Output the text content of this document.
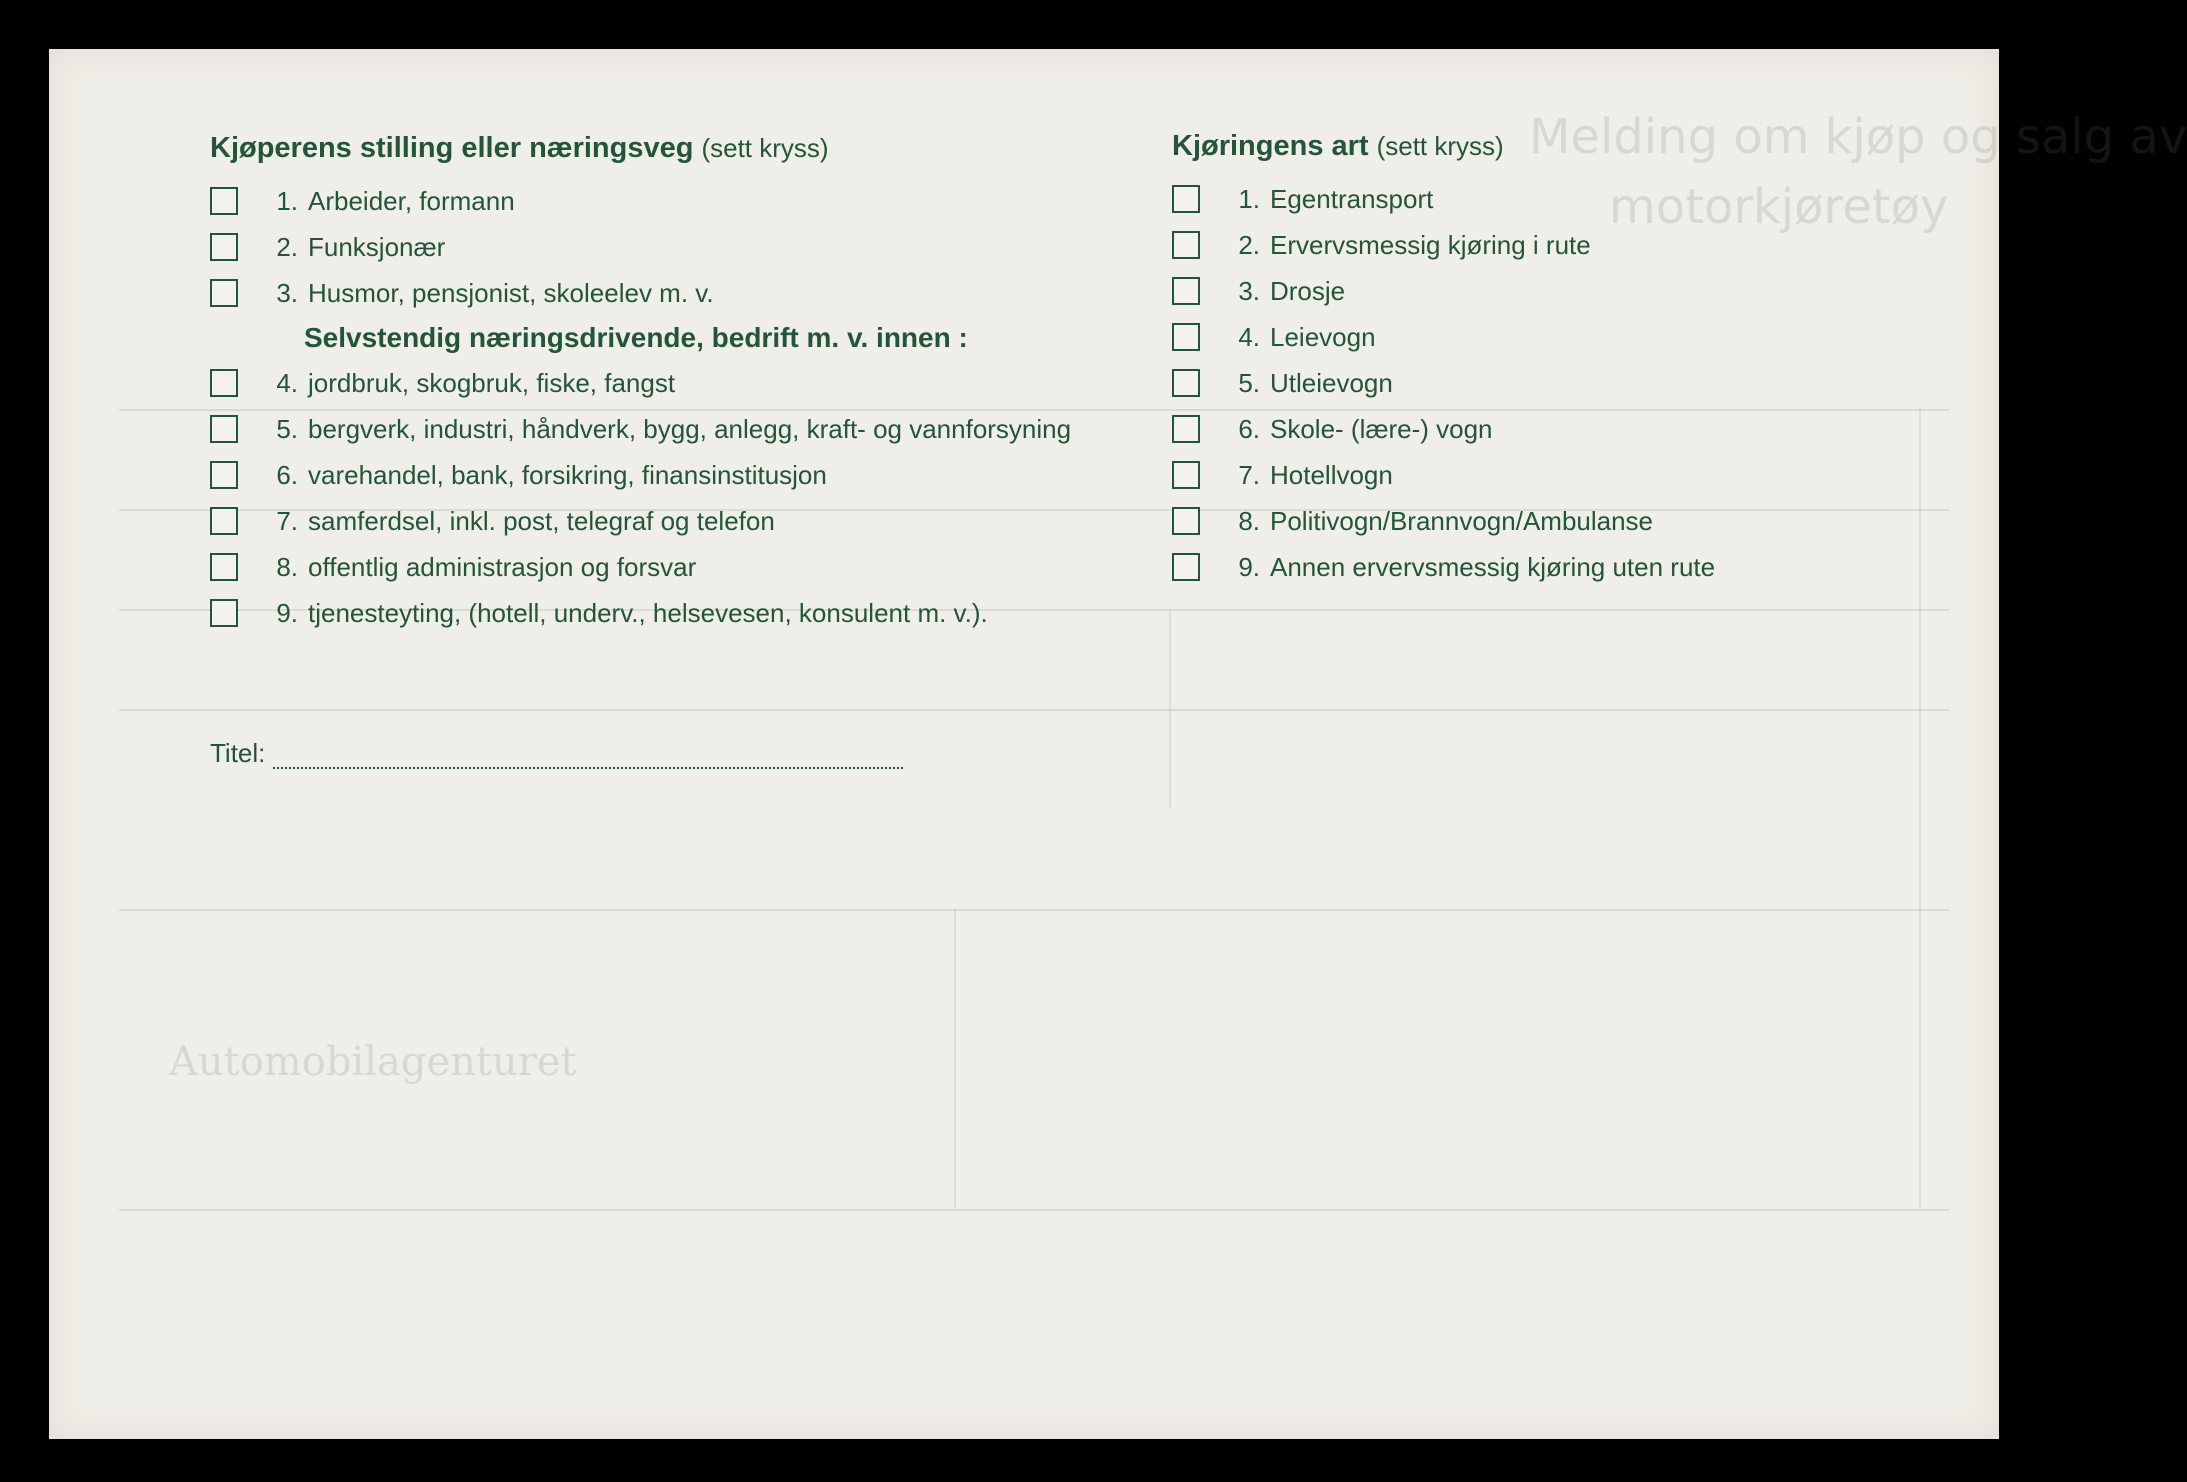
Melding om kjøp og salg av
motorkjøretøy
Automobilagenturet
Kjøperens stilling eller næringsveg (sett kryss)
1. Arbeider, formann
2. Funksjonær
3. Husmor, pensjonist, skoleelev m. v.
Selvstendig næringsdrivende, bedrift m. v. innen :
4. jordbruk, skogbruk, fiske, fangst
5. bergverk, industri, håndverk, bygg, anlegg, kraft- og vannforsyning
6. varehandel, bank, forsikring, finansinstitusjon
7. samferdsel, inkl. post, telegraf og telefon
8. offentlig administrasjon og forsvar
9. tjenesteyting, (hotell, underv., helsevesen, konsulent m. v.).
Kjøringens art (sett kryss)
1. Egentransport
2. Ervervsmessig kjøring i rute
3. Drosje
4. Leievogn
5. Utleievogn
6. Skole- (lære-) vogn
7. Hotellvogn
8. Politivogn/Brannvogn/Ambulanse
9. Annen ervervsmessig kjøring uten rute
Titel:
